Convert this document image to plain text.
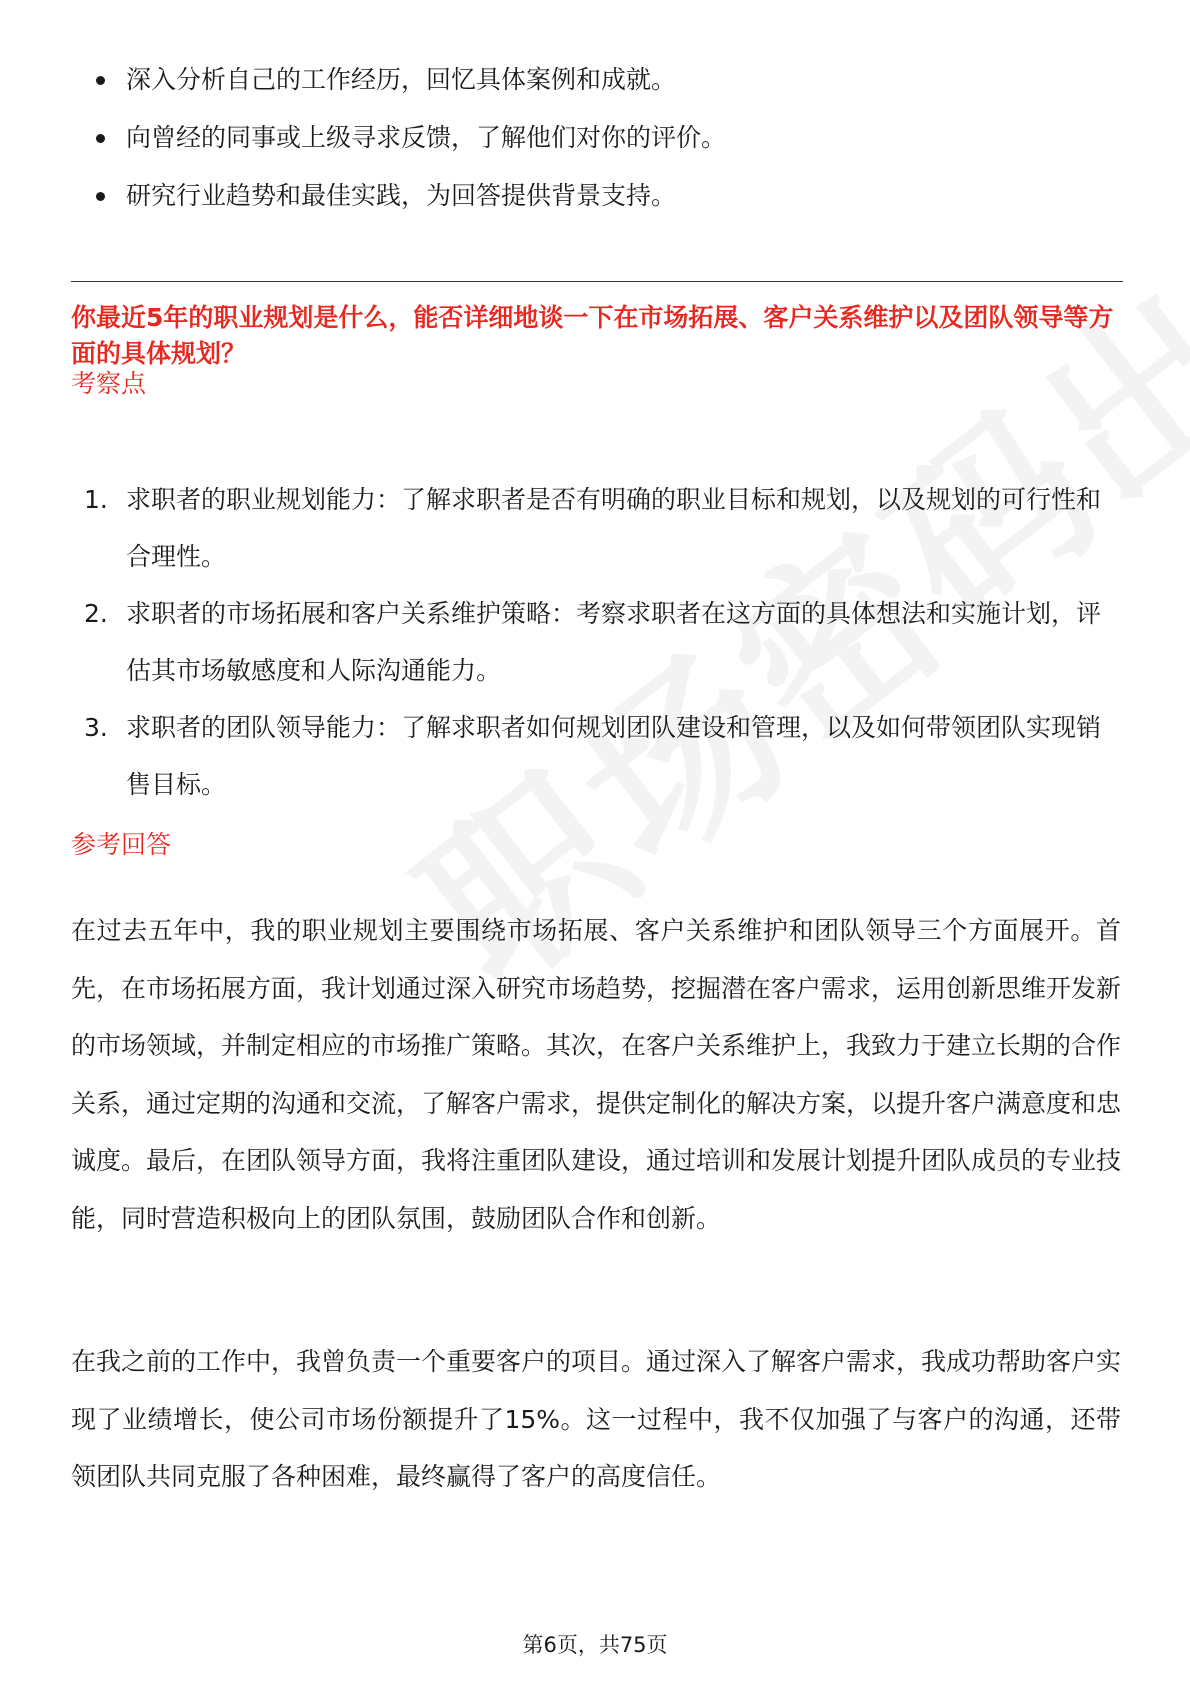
深入分析自己的工作经历，回忆具体案例和成就。
向曾经的同事或上级寻求反馈，了解他们对你的评价。
研究行业趋势和最佳实践，为回答提供背景支持。
你最近5年的职业规划是什么，能否详细地谈一下在市场拓展、客户关系维护以及团队领导等方面的具体规划？
考察点
1. 求职者的职业规划能力：了解求职者是否有明确的职业目标和规划，以及规划的可行性和合理性。
2. 求职者的市场拓展和客户关系维护策略：考察求职者在这方面的具体想法和实施计划，评估其市场敏感度和人际沟通能力。
3. 求职者的团队领导能力：了解求职者如何规划团队建设和管理，以及如何带领团队实现销售目标。
参考回答

在过去五年中，我的职业规划主要围绕市场拓展、客户关系维护和团队领导三个方面展开。首先，在市场拓展方面，我计划通过深入研究市场趋势，挖掘潜在客户需求，运用创新思维开发新的市场领域，并制定相应的市场推广策略。其次，在客户关系维护上，我致力于建立长期的合作关系，通过定期的沟通和交流，了解客户需求，提供定制化的解决方案，以提升客户满意度和忠诚度。最后，在团队领导方面，我将注重团队建设，通过培训和发展计划提升团队成员的专业技能，同时营造积极向上的团队氛围，鼓励团队合作和创新。

在我之前的工作中，我曾负责一个重要客户的项目。通过深入了解客户需求，我成功帮助客户实现了业绩增长，使公司市场份额提升了15%。这一过程中，我不仅加强了与客户的沟通，还带领团队共同克服了各种困难，最终赢得了客户的高度信任。

第6页，共75页
